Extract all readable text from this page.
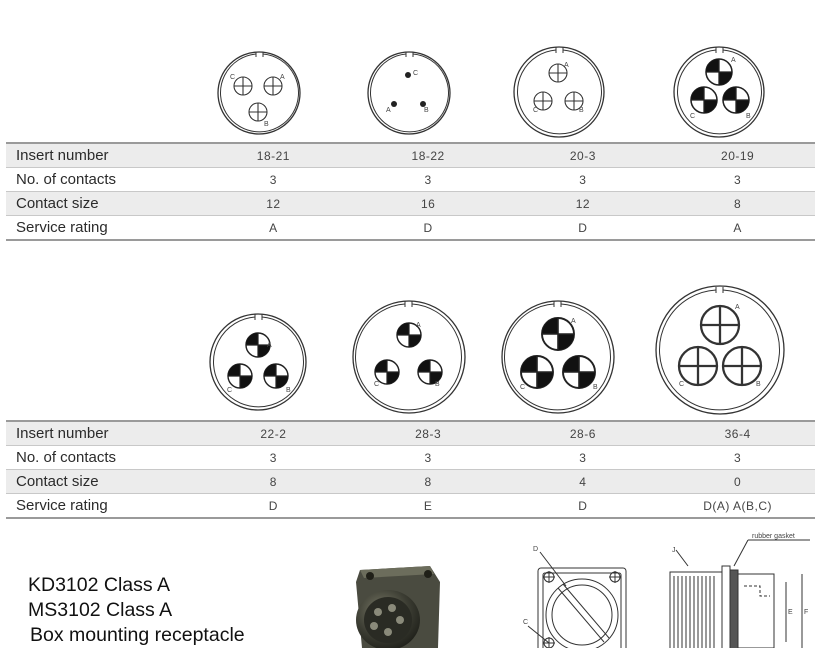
C	A
B
C
A	B
A
C	B
A
C	B
A
C	B
A
C	B
A
C	B
A
C	B
Insert number	18-21	18-22	20-3	20-19
No. of contacts	3	3	3	3
Contact size	12	16	12	8
Service rating	A	D	D	A
Insert number	22-2	28-3	28-6	36-4
No. of contacts	3	3	3	3
Contact size	8	8	4	0
Service rating	D	E	D	D(A) A(B,C)
KD3102 Class A
MS3102 Class A
Box mounting receptacle
D
C
J
rubber gasket
E F
